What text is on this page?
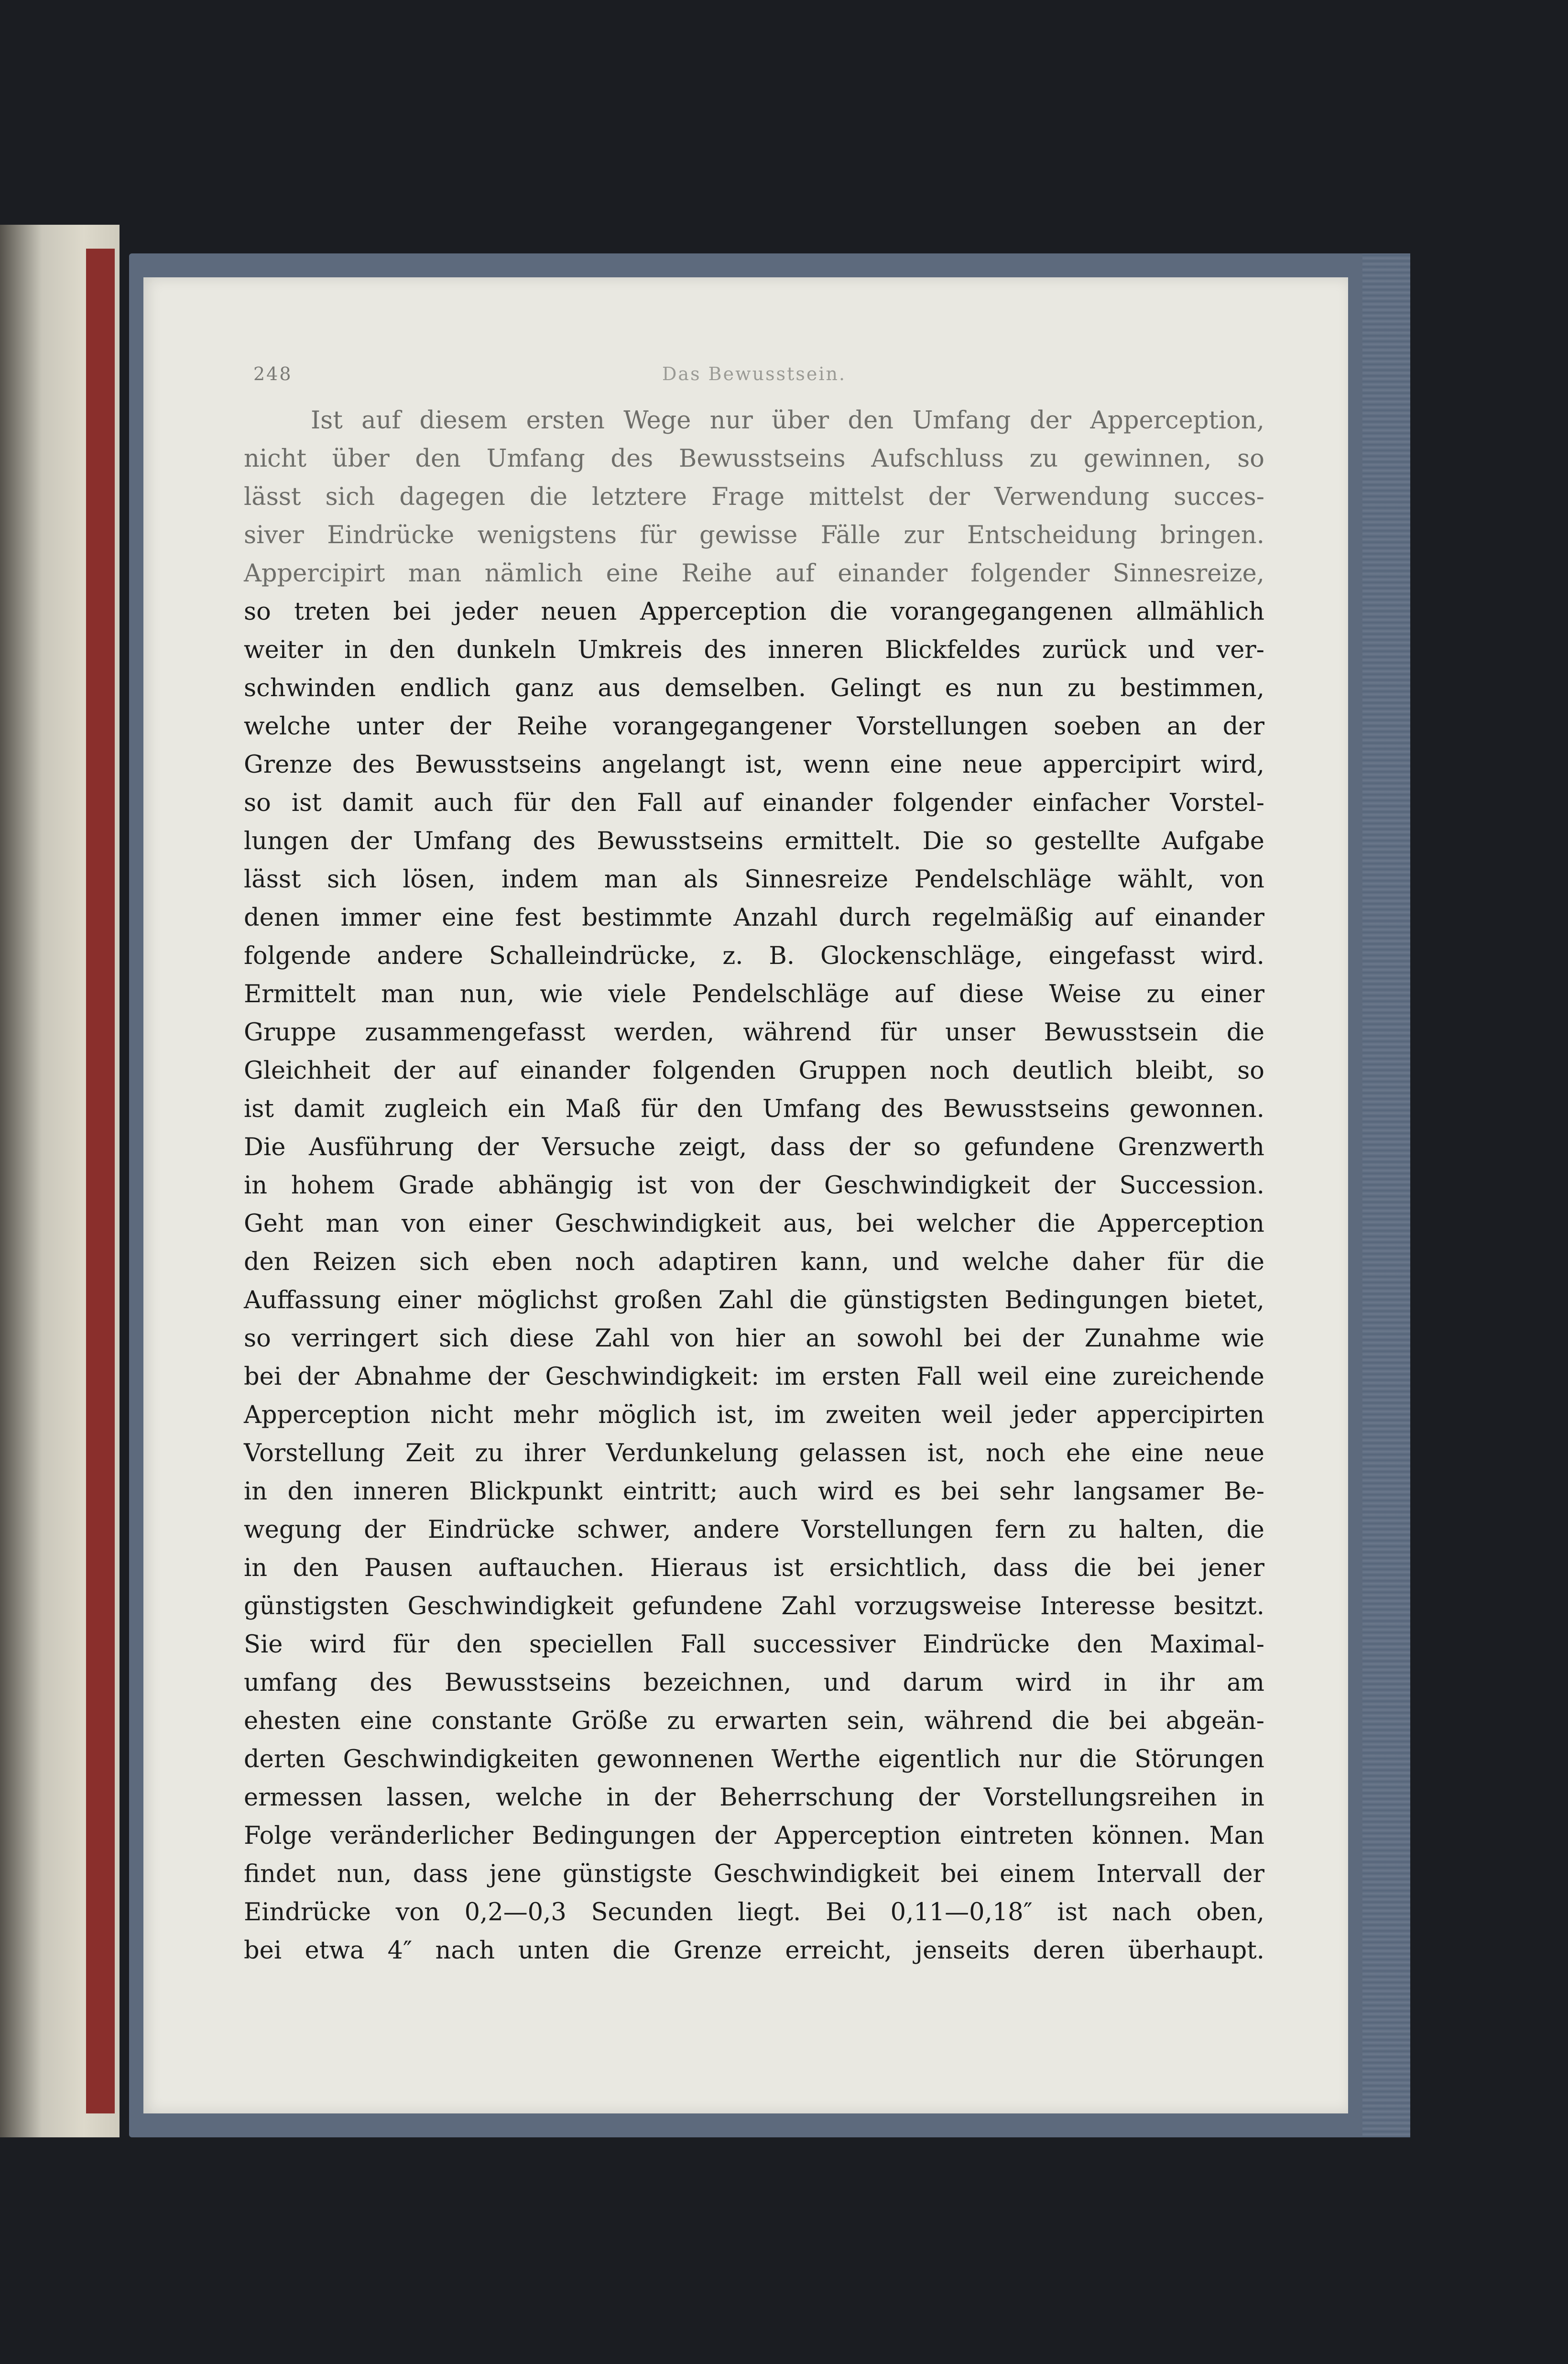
248	Das Bewusstsein.
Ist auf diesem ersten Wege nur über den Umfang der Apperception,
nicht über den Umfang des Bewusstseins Aufschluss zu gewinnen, so
lässt sich dagegen die letztere Frage mittelst der Verwendung succes-
siver Eindrücke wenigstens für gewisse Fälle zur Entscheidung bringen.
Appercipirt man nämlich eine Reihe auf einander folgender Sinnesreize,
so treten bei jeder neuen Apperception die vorangegangenen allmählich
weiter in den dunkeln Umkreis des inneren Blickfeldes zurück und ver-
schwinden endlich ganz aus demselben. Gelingt es nun zu bestimmen,
welche unter der Reihe vorangegangener Vorstellungen soeben an der
Grenze des Bewusstseins angelangt ist, wenn eine neue appercipirt wird,
so ist damit auch für den Fall auf einander folgender einfacher Vorstel-
lungen der Umfang des Bewusstseins ermittelt. Die so gestellte Aufgabe
lässt sich lösen, indem man als Sinnesreize Pendelschläge wählt, von
denen immer eine fest bestimmte Anzahl durch regelmäßig auf einander
folgende andere Schalleindrücke, z. B. Glockenschläge, eingefasst wird.
Ermittelt man nun, wie viele Pendelschläge auf diese Weise zu einer
Gruppe zusammengefasst werden, während für unser Bewusstsein die
Gleichheit der auf einander folgenden Gruppen noch deutlich bleibt, so
ist damit zugleich ein Maß für den Umfang des Bewusstseins gewonnen.
Die Ausführung der Versuche zeigt, dass der so gefundene Grenzwerth
in hohem Grade abhängig ist von der Geschwindigkeit der Succession.
Geht man von einer Geschwindigkeit aus, bei welcher die Apperception
den Reizen sich eben noch adaptiren kann, und welche daher für die
Auffassung einer möglichst großen Zahl die günstigsten Bedingungen bietet,
so verringert sich diese Zahl von hier an sowohl bei der Zunahme wie
bei der Abnahme der Geschwindigkeit: im ersten Fall weil eine zureichende
Apperception nicht mehr möglich ist, im zweiten weil jeder appercipirten
Vorstellung Zeit zu ihrer Verdunkelung gelassen ist, noch ehe eine neue
in den inneren Blickpunkt eintritt; auch wird es bei sehr langsamer Be-
wegung der Eindrücke schwer, andere Vorstellungen fern zu halten, die
in den Pausen auftauchen. Hieraus ist ersichtlich, dass die bei jener
günstigsten Geschwindigkeit gefundene Zahl vorzugsweise Interesse besitzt.
Sie wird für den speciellen Fall successiver Eindrücke den Maximal-
umfang des Bewusstseins bezeichnen, und darum wird in ihr am
ehesten eine constante Größe zu erwarten sein, während die bei abgeän-
derten Geschwindigkeiten gewonnenen Werthe eigentlich nur die Störungen
ermessen lassen, welche in der Beherrschung der Vorstellungsreihen in
Folge veränderlicher Bedingungen der Apperception eintreten können. Man
findet nun, dass jene günstigste Geschwindigkeit bei einem Intervall der
Eindrücke von 0,2—0,3 Secunden liegt. Bei 0,11—0,18″ ist nach oben,
bei etwa 4″ nach unten die Grenze erreicht, jenseits deren überhaupt.
